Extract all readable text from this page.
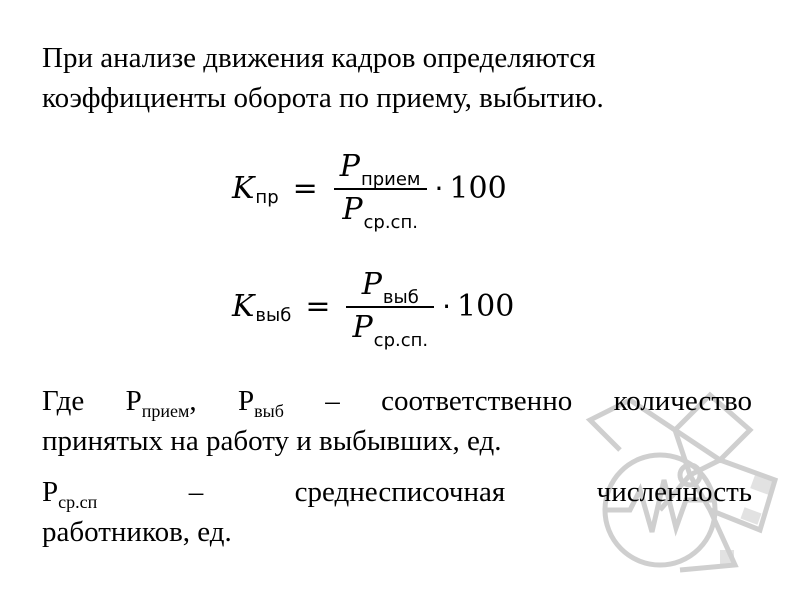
При анализе движения кадров определяются
коэффициенты оборота по приему, выбытию.
K пр = $\frac{P_{прием}}{P_{ср.сп.}} \cdot 100$
K выб = $\frac{P_{выб}}{P_{ср.сп.}} \cdot 100$
Где $Р_{прием}$, $Р_{выб}$ – соответственно количество
принятых на работу и выбывших, ед.
$Р_{ср.сп}$	–	среднесписочная	численность
работников, ед.
